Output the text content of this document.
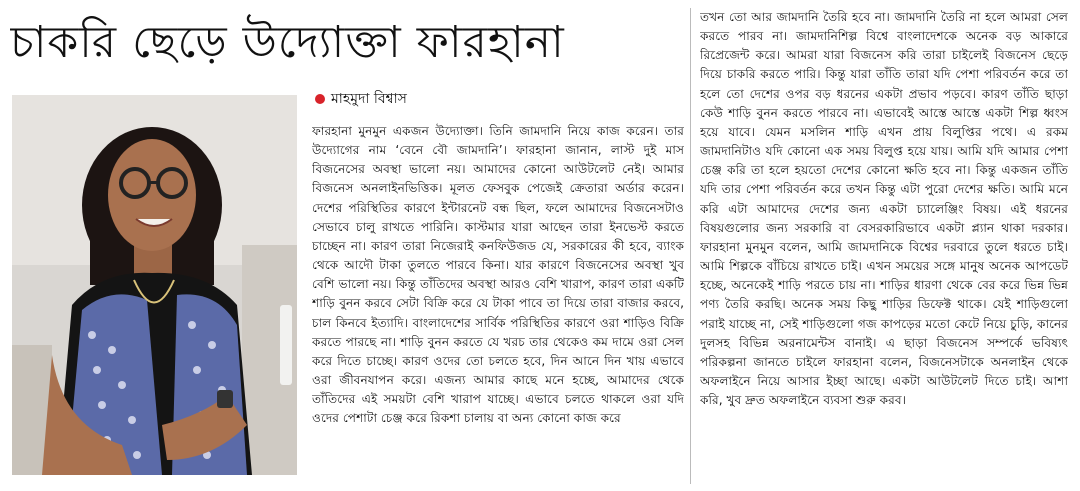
চাকরি ছেড়ে উদ্যোক্তা ফারহানা
মাহমুদা বিশ্বাস

ফারহানা মুনমুন একজন উদ্যোক্তা। তিনি জামদানি নিয়ে কাজ করেন। তার উদ্যোগের নাম ‘বেনে বৌ জামদানি’। ফারহানা জানান, লাস্ট দুই মাস বিজনেসের অবস্থা ভালো নয়। আমাদের কোনো আউটলেট নেই। আমার বিজনেস অনলাইনভিত্তিক। মূলত ফেসবুক পেজেই ক্রেতারা অর্ডার করেন। দেশের পরিস্থিতির কারণে ইন্টারনেট বন্ধ ছিল, ফলে আমাদের বিজনেসটাও সেভাবে চালু রাখতে পারিনি। কাস্টমার যারা আছেন তারা ইনভেস্ট করতে চাচ্ছেন না। কারণ তারা নিজেরাই কনফিউজড যে, সরকারের কী হবে, ব্যাংক থেকে আদৌ টাকা তুলতে পারবে কিনা। যার কারণে বিজনেসের অবস্থা খুব বেশি ভালো নয়। কিন্তু তাঁতিদের অবস্থা আরও বেশি খারাপ, কারণ তারা একটি শাড়ি বুনন করবে সেটা বিক্রি করে যে টাকা পাবে তা দিয়ে তারা বাজার করবে, চাল কিনবে ইত্যাদি। বাংলাদেশের সার্বিক পরিস্থিতির কারণে ওরা শাড়িও বিক্রি করতে পারছে না। শাড়ি বুনন করতে যে খরচ তার থেকেও কম দামে ওরা সেল করে দিতে চাচ্ছে। কারণ ওদের তো চলতে হবে, দিন আনে দিন খায় এভাবে ওরা জীবনযাপন করে। এজন্য আমার কাছে মনে হচ্ছে, আমাদের থেকে তাঁতিদের এই সময়টা বেশি খারাপ যাচ্ছে। এভাবে চলতে থাকলে ওরা যদি ওদের পেশাটা চেঞ্জ করে রিকশা চালায় বা অন্য কোনো কাজ করে

তখন তো আর জামদানি তৈরি হবে না। জামদানি তৈরি না হলে আমরা সেল করতে পারব না। জামদানিশিল্প বিশ্বে বাংলাদেশকে অনেক বড় আকারে রিপ্রেজেন্ট করে। আমরা যারা বিজনেস করি তারা চাইলেই বিজনেস ছেড়ে দিয়ে চাকরি করতে পারি। কিন্তু যারা তাঁতি তারা যদি পেশা পরিবর্তন করে তা হলে তো দেশের ওপর বড় ধরনের একটা প্রভাব পড়বে। কারণ তাঁতি ছাড়া কেউ শাড়ি বুনন করতে পারবে না। এভাবেই আস্তে আস্তে একটা শিল্প ধ্বংস হয়ে যাবে। যেমন মসলিন শাড়ি এখন প্রায় বিলুপ্তির পথে। এ রকম জামদানিটাও যদি কোনো এক সময় বিলুপ্ত হয়ে যায়। আমি যদি আমার পেশা চেঞ্জ করি তা হলে হয়তো দেশের কোনো ক্ষতি হবে না। কিন্তু একজন তাঁতি যদি তার পেশা পরিবর্তন করে তখন কিন্তু এটা পুরো দেশের ক্ষতি। আমি মনে করি এটা আমাদের দেশের জন্য একটা চ্যালেঞ্জিং বিষয়। এই ধরনের বিষয়গুলোর জন্য সরকারি বা বেসরকারিভাবে একটা প্ল্যান থাকা দরকার। ফারহানা মুনমুন বলেন, আমি জামদানিকে বিশ্বের দরবারে তুলে ধরতে চাই। আমি শিল্পকে বাঁচিয়ে রাখতে চাই। এখন সময়ের সঙ্গে মানুষ অনেক আপডেট হচ্ছে, অনেকেই শাড়ি পরতে চায় না। শাড়ির ধারণা থেকে বের করে ভিন্ন ভিন্ন পণ্য তৈরি করছি। অনেক সময় কিছু শাড়ির ডিফেক্ট থাকে। যেই শাড়িগুলো পরাই যাচ্ছে না, সেই শাড়িগুলো গজ কাপড়ের মতো কেটে নিয়ে চুড়ি, কানের দুলসহ বিভিন্ন অরনামেন্টস বানাই। এ ছাড়া বিজনেস সম্পর্কে ভবিষ্যৎ পরিকল্পনা জানতে চাইলে ফারহানা বলেন, বিজনেসটাকে অনলাইন থেকে অফলাইনে নিয়ে আসার ইচ্ছা আছে। একটা আউটলেট দিতে চাই। আশা করি, খুব দ্রুত অফলাইনে ব্যবসা শুরু করব।
